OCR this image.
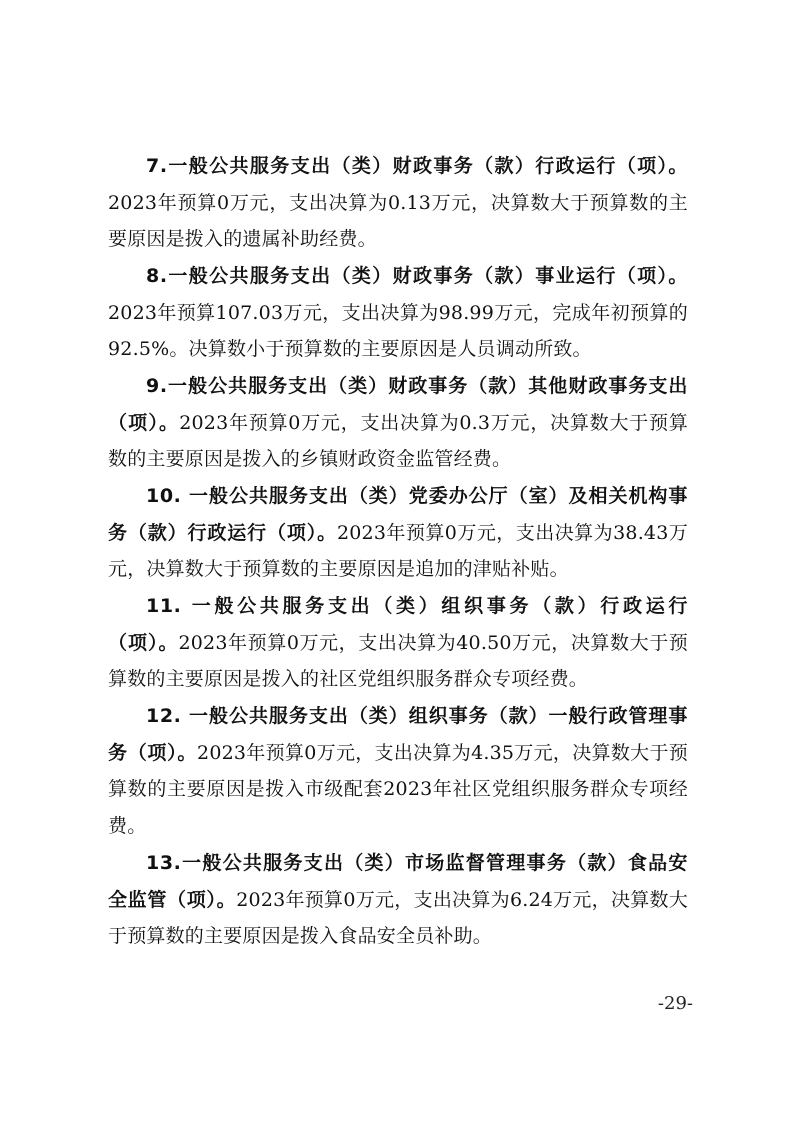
7.一般公共服务支出（类）财政事务（款）行政运行（项）。2023年预算0万元，支出决算为0.13万元，决算数大于预算数的主要原因是拨入的遗属补助经费。

8.一般公共服务支出（类）财政事务（款）事业运行（项）。2023年预算107.03万元，支出决算为98.99万元，完成年初预算的92.5%。决算数小于预算数的主要原因是人员调动所致。

9.一般公共服务支出（类）财政事务（款）其他财政事务支出（项）。2023年预算0万元，支出决算为0.3万元，决算数大于预算数的主要原因是拨入的乡镇财政资金监管经费。

10. 一般公共服务支出（类）党委办公厅（室）及相关机构事务（款）行政运行（项）。2023年预算0万元，支出决算为38.43万元，决算数大于预算数的主要原因是追加的津贴补贴。

11. 一般公共服务支出（类）组织事务（款）行政运行（项）。2023年预算0万元，支出决算为40.50万元，决算数大于预算数的主要原因是拨入的社区党组织服务群众专项经费。

12. 一般公共服务支出（类）组织事务（款）一般行政管理事务（项）。2023年预算0万元，支出决算为4.35万元，决算数大于预算数的主要原因是拨入市级配套2023年社区党组织服务群众专项经费。

13.一般公共服务支出（类）市场监督管理事务（款）食品安全监管（项）。2023年预算0万元，支出决算为6.24万元，决算数大于预算数的主要原因是拨入食品安全员补助。

-29-
